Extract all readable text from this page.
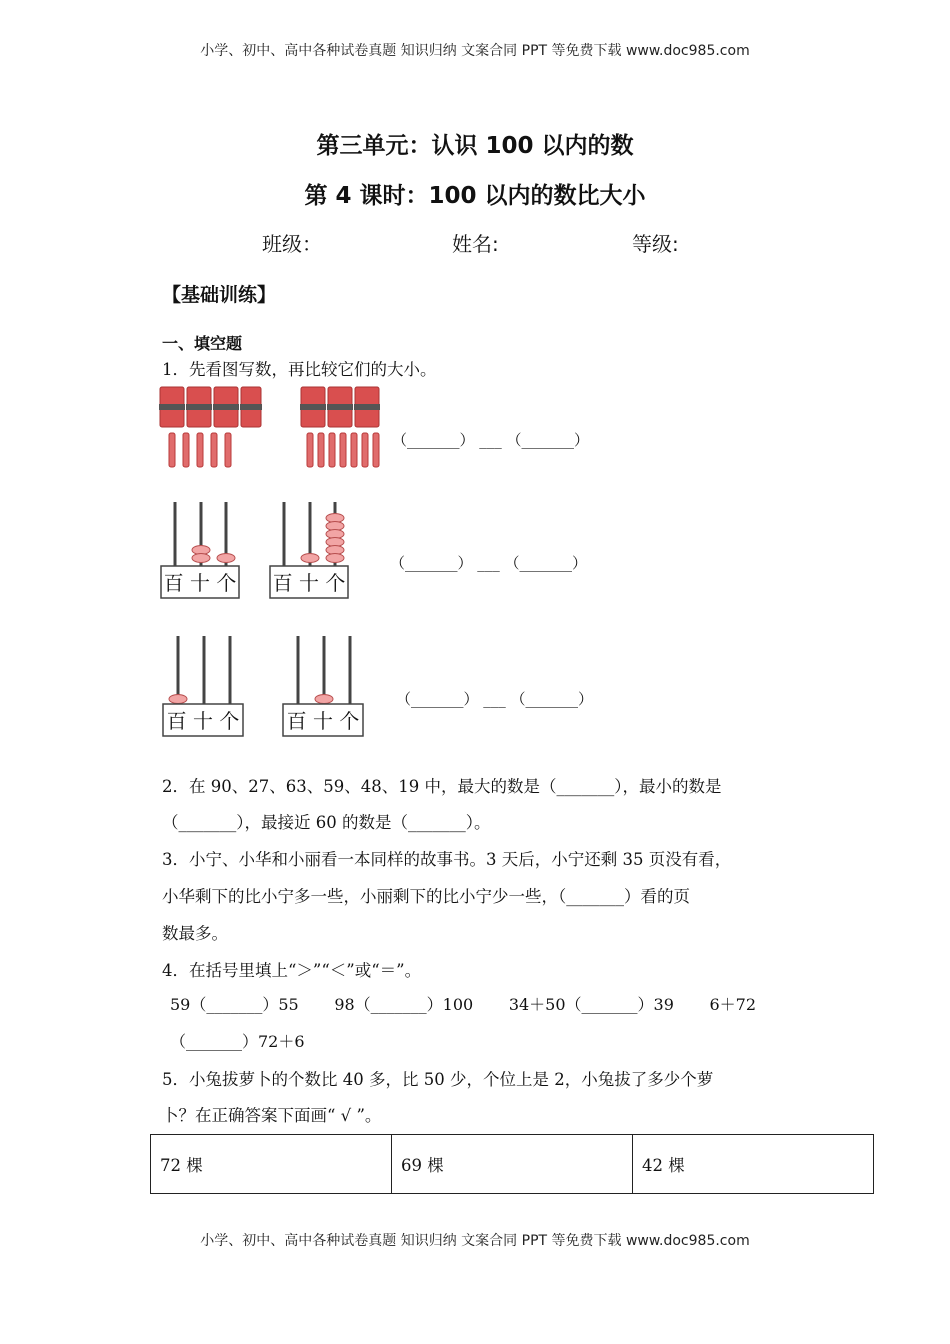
小学、初中、高中各种试卷真题 知识归纳 文案合同 PPT 等免费下载 www.doc985.com
第三单元：认识 100 以内的数
第 4 课时：100 以内的数比大小
班级：	姓名:	等级:
【基础训练】
一、填空题
1．先看图写数，再比较它们的大小。
（_______） ___ （_______）
百 十 个 百 十 个
（_______） ___ （_______）
百 十 个 百 十 个
（_______） ___ （_______）
2．在 90、27、63、59、48、19 中，最大的数是（_______），最小的数是
（_______），最接近 60 的数是（_______）。
3．小宁、小华和小丽看一本同样的故事书。3 天后，小宁还剩 35 页没有看，
小华剩下的比小宁多一些，小丽剩下的比小宁少一些，（_______）看的页
数最多。
4．在括号里填上“＞”“＜”或“＝”。
59（_______）55       98（_______）100       34＋50（_______）39       6＋72
（_______）72＋6
5．小兔拔萝卜的个数比 40 多，比 50 少，个位上是 2，小兔拔了多少个萝
卜？在正确答案下面画“ √ ”。
72 棵	69 棵	42 棵
小学、初中、高中各种试卷真题 知识归纳 文案合同 PPT 等免费下载 www.doc985.com
